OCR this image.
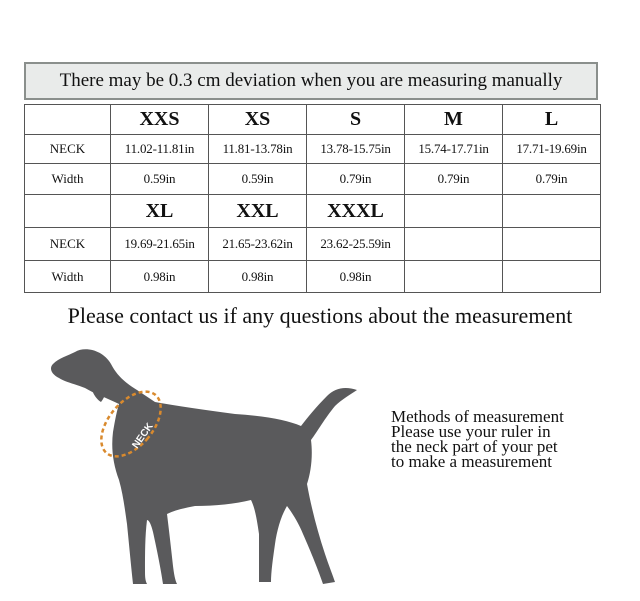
There may be 0.3 cm deviation when you are measuring manually
	XXS	XS	S	M	L
NECK	11.02-11.81in	11.81-13.78in	13.78-15.75in	15.74-17.71in	17.71-19.69in
Width	0.59in	0.59in	0.79in	0.79in	0.79in
	XL	XXL	XXXL		
NECK	19.69-21.65in	21.65-23.62in	23.62-25.59in		
Width	0.98in	0.98in	0.98in		
Please contact us if any questions about the measurement
NECK
Methods of measurement
Please use your ruler in
the neck part of your pet
to make a measurement
